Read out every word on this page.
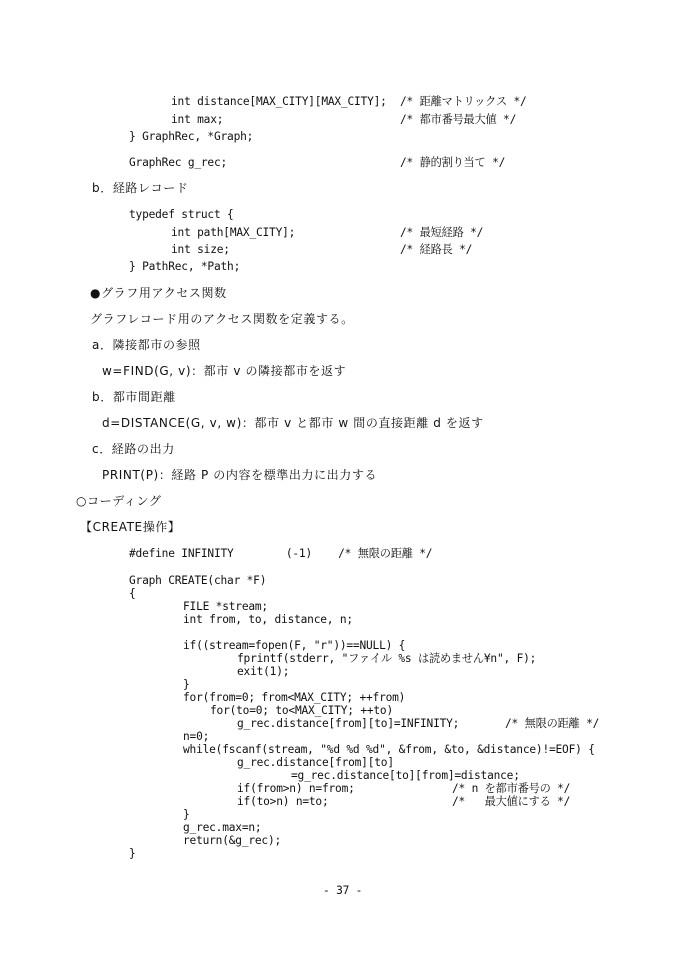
int distance[MAX_CITY][MAX_CITY]; /* 距離マトリックス */
int max;	/* 都市番号最大値 */
} GraphRec, *Graph;
GraphRec g_rec;	/* 静的割り当て */
b．経路レコード
typedef struct {
int path[MAX_CITY];	/* 最短経路 */
int size;	/* 経路長 */
} PathRec, *Path;
●グラフ用アクセス関数
グラフレコード用のアクセス関数を定義する。
a．隣接都市の参照
w=FIND(G, v)：都市 v の隣接都市を返す
b．都市間距離
d=DISTANCE(G, v, w)：都市 v と都市 w 間の直接距離 d を返す
c．経路の出力
PRINT(P)：経路 P の内容を標準出力に出力する
○コーディング
【CREATE操作】
#define INFINITY        (-1)    /* 無限の距離 */
Graph CREATE(char *F)
{
FILE *stream;
int from, to, distance, n;
if((stream=fopen(F, "r"))==NULL) {
fprintf(stderr, "ファイル %s は読めません¥n", F);
exit(1);
}
for(from=0; from<MAX_CITY; ++from)
for(to=0; to<MAX_CITY; ++to)
g_rec.distance[from][to]=INFINITY;	/* 無限の距離 */
n=0;
while(fscanf(stream, "%d %d %d", &from, &to, &distance)!=EOF) {
g_rec.distance[from][to]
=g_rec.distance[to][from]=distance;
if(from>n) n=from;	/* n を都市番号の */
if(to>n) n=to;	/*   最大値にする */
}
g_rec.max=n;
return(&g_rec);
}
- 37 -
